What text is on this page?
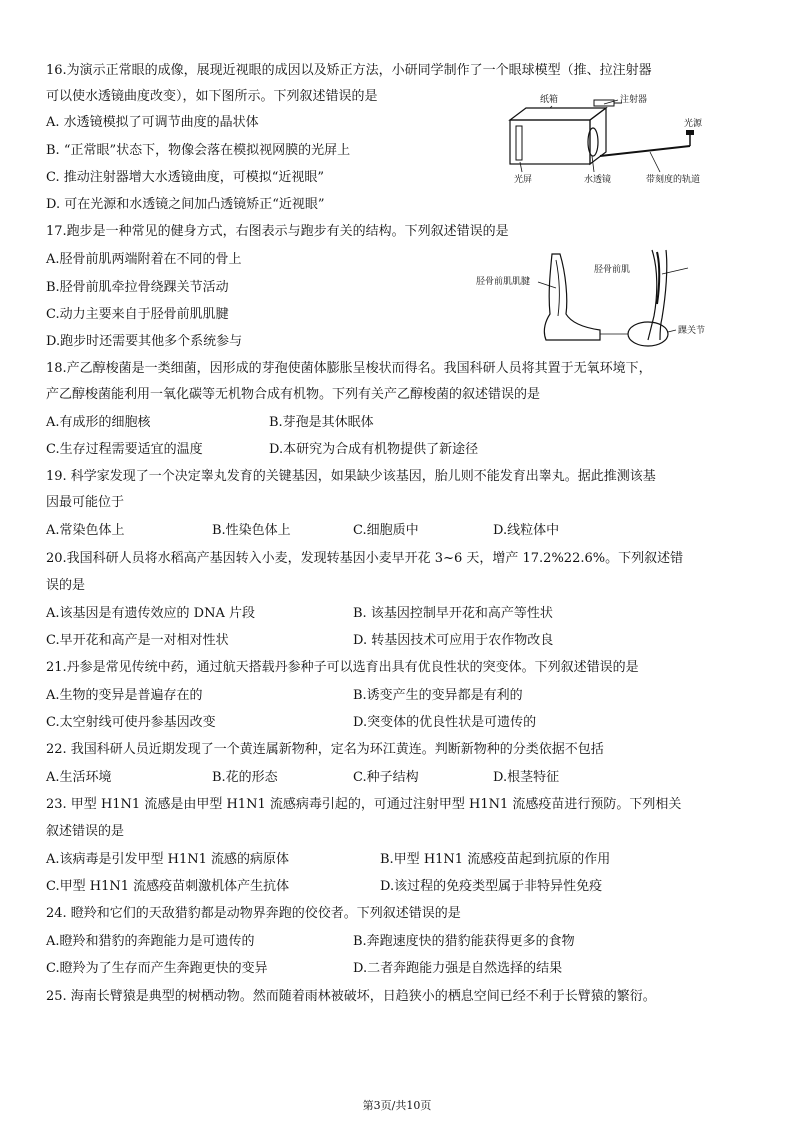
16.为演示正常眼的成像，展现近视眼的成因以及矫正方法，小研同学制作了一个眼球模型（推、拉注射器
可以使水透镜曲度改变），如下图所示。下列叙述错误的是
A. 水透镜模拟了可调节曲度的晶状体
B. “正常眼”状态下，物像会落在模拟视网膜的光屏上
C. 推动注射器增大水透镜曲度，可模拟“近视眼”
D. 可在光源和水透镜之间加凸透镜矫正“近视眼”
纸箱	注射器
光源
光屏	水透镜	带刻度的轨道
17.跑步是一种常见的健身方式，右图表示与跑步有关的结构。下列叙述错误的是
A.胫骨前肌两端附着在不同的骨上
B.胫骨前肌牵拉骨绕踝关节活动
C.动力主要来自于胫骨前肌肌腱
D.跑步时还需要其他多个系统参与
胫骨前肌
胫骨前肌肌腱
踝关节
18.产乙醇梭菌是一类细菌，因形成的芽孢使菌体膨胀呈梭状而得名。我国科研人员将其置于无氧环境下，
产乙醇梭菌能利用一氧化碳等无机物合成有机物。下列有关产乙醇梭菌的叙述错误的是
A.有成形的细胞核	B.芽孢是其休眠体
C.生存过程需要适宜的温度	D.本研究为合成有机物提供了新途径
19. 科学家发现了一个决定睾丸发育的关键基因，如果缺少该基因，胎儿则不能发育出睾丸。据此推测该基
因最可能位于
A.常染色体上	B.性染色体上	C.细胞质中	D.线粒体中
20.我国科研人员将水稻高产基因转入小麦，发现转基因小麦早开花 3~6 天，增产 17.2%22.6%。下列叙述错
误的是
A.该基因是有遗传效应的 DNA 片段	B. 该基因控制早开花和高产等性状
C.早开花和高产是一对相对性状	D. 转基因技术可应用于农作物改良
21.丹参是常见传统中药，通过航天搭载丹参种子可以选育出具有优良性状的突变体。下列叙述错误的是
A.生物的变异是普遍存在的	B.诱变产生的变异都是有利的
C.太空射线可使丹参基因改变	D.突变体的优良性状是可遗传的
22. 我国科研人员近期发现了一个黄连属新物种，定名为环江黄连。判断新物种的分类依据不包括
A.生活环境	B.花的形态	C.种子结构	D.根茎特征
23. 甲型 H1N1 流感是由甲型 H1N1 流感病毒引起的，可通过注射甲型 H1N1 流感疫苗进行预防。下列相关
叙述错误的是
A.该病毒是引发甲型 H1N1 流感的病原体	B.甲型 H1N1 流感疫苗起到抗原的作用
C.甲型 H1N1 流感疫苗刺激机体产生抗体	D.该过程的免疫类型属于非特异性免疫
24. 瞪羚和它们的天敌猎豹都是动物界奔跑的佼佼者。下列叙述错误的是
A.瞪羚和猎豹的奔跑能力是可遗传的	B.奔跑速度快的猎豹能获得更多的食物
C.瞪羚为了生存而产生奔跑更快的变异	D.二者奔跑能力强是自然选择的结果
25. 海南长臂猿是典型的树栖动物。然而随着雨林被破坏，日趋狭小的栖息空间已经不利于长臂猿的繁衍。
第3页/共10页
